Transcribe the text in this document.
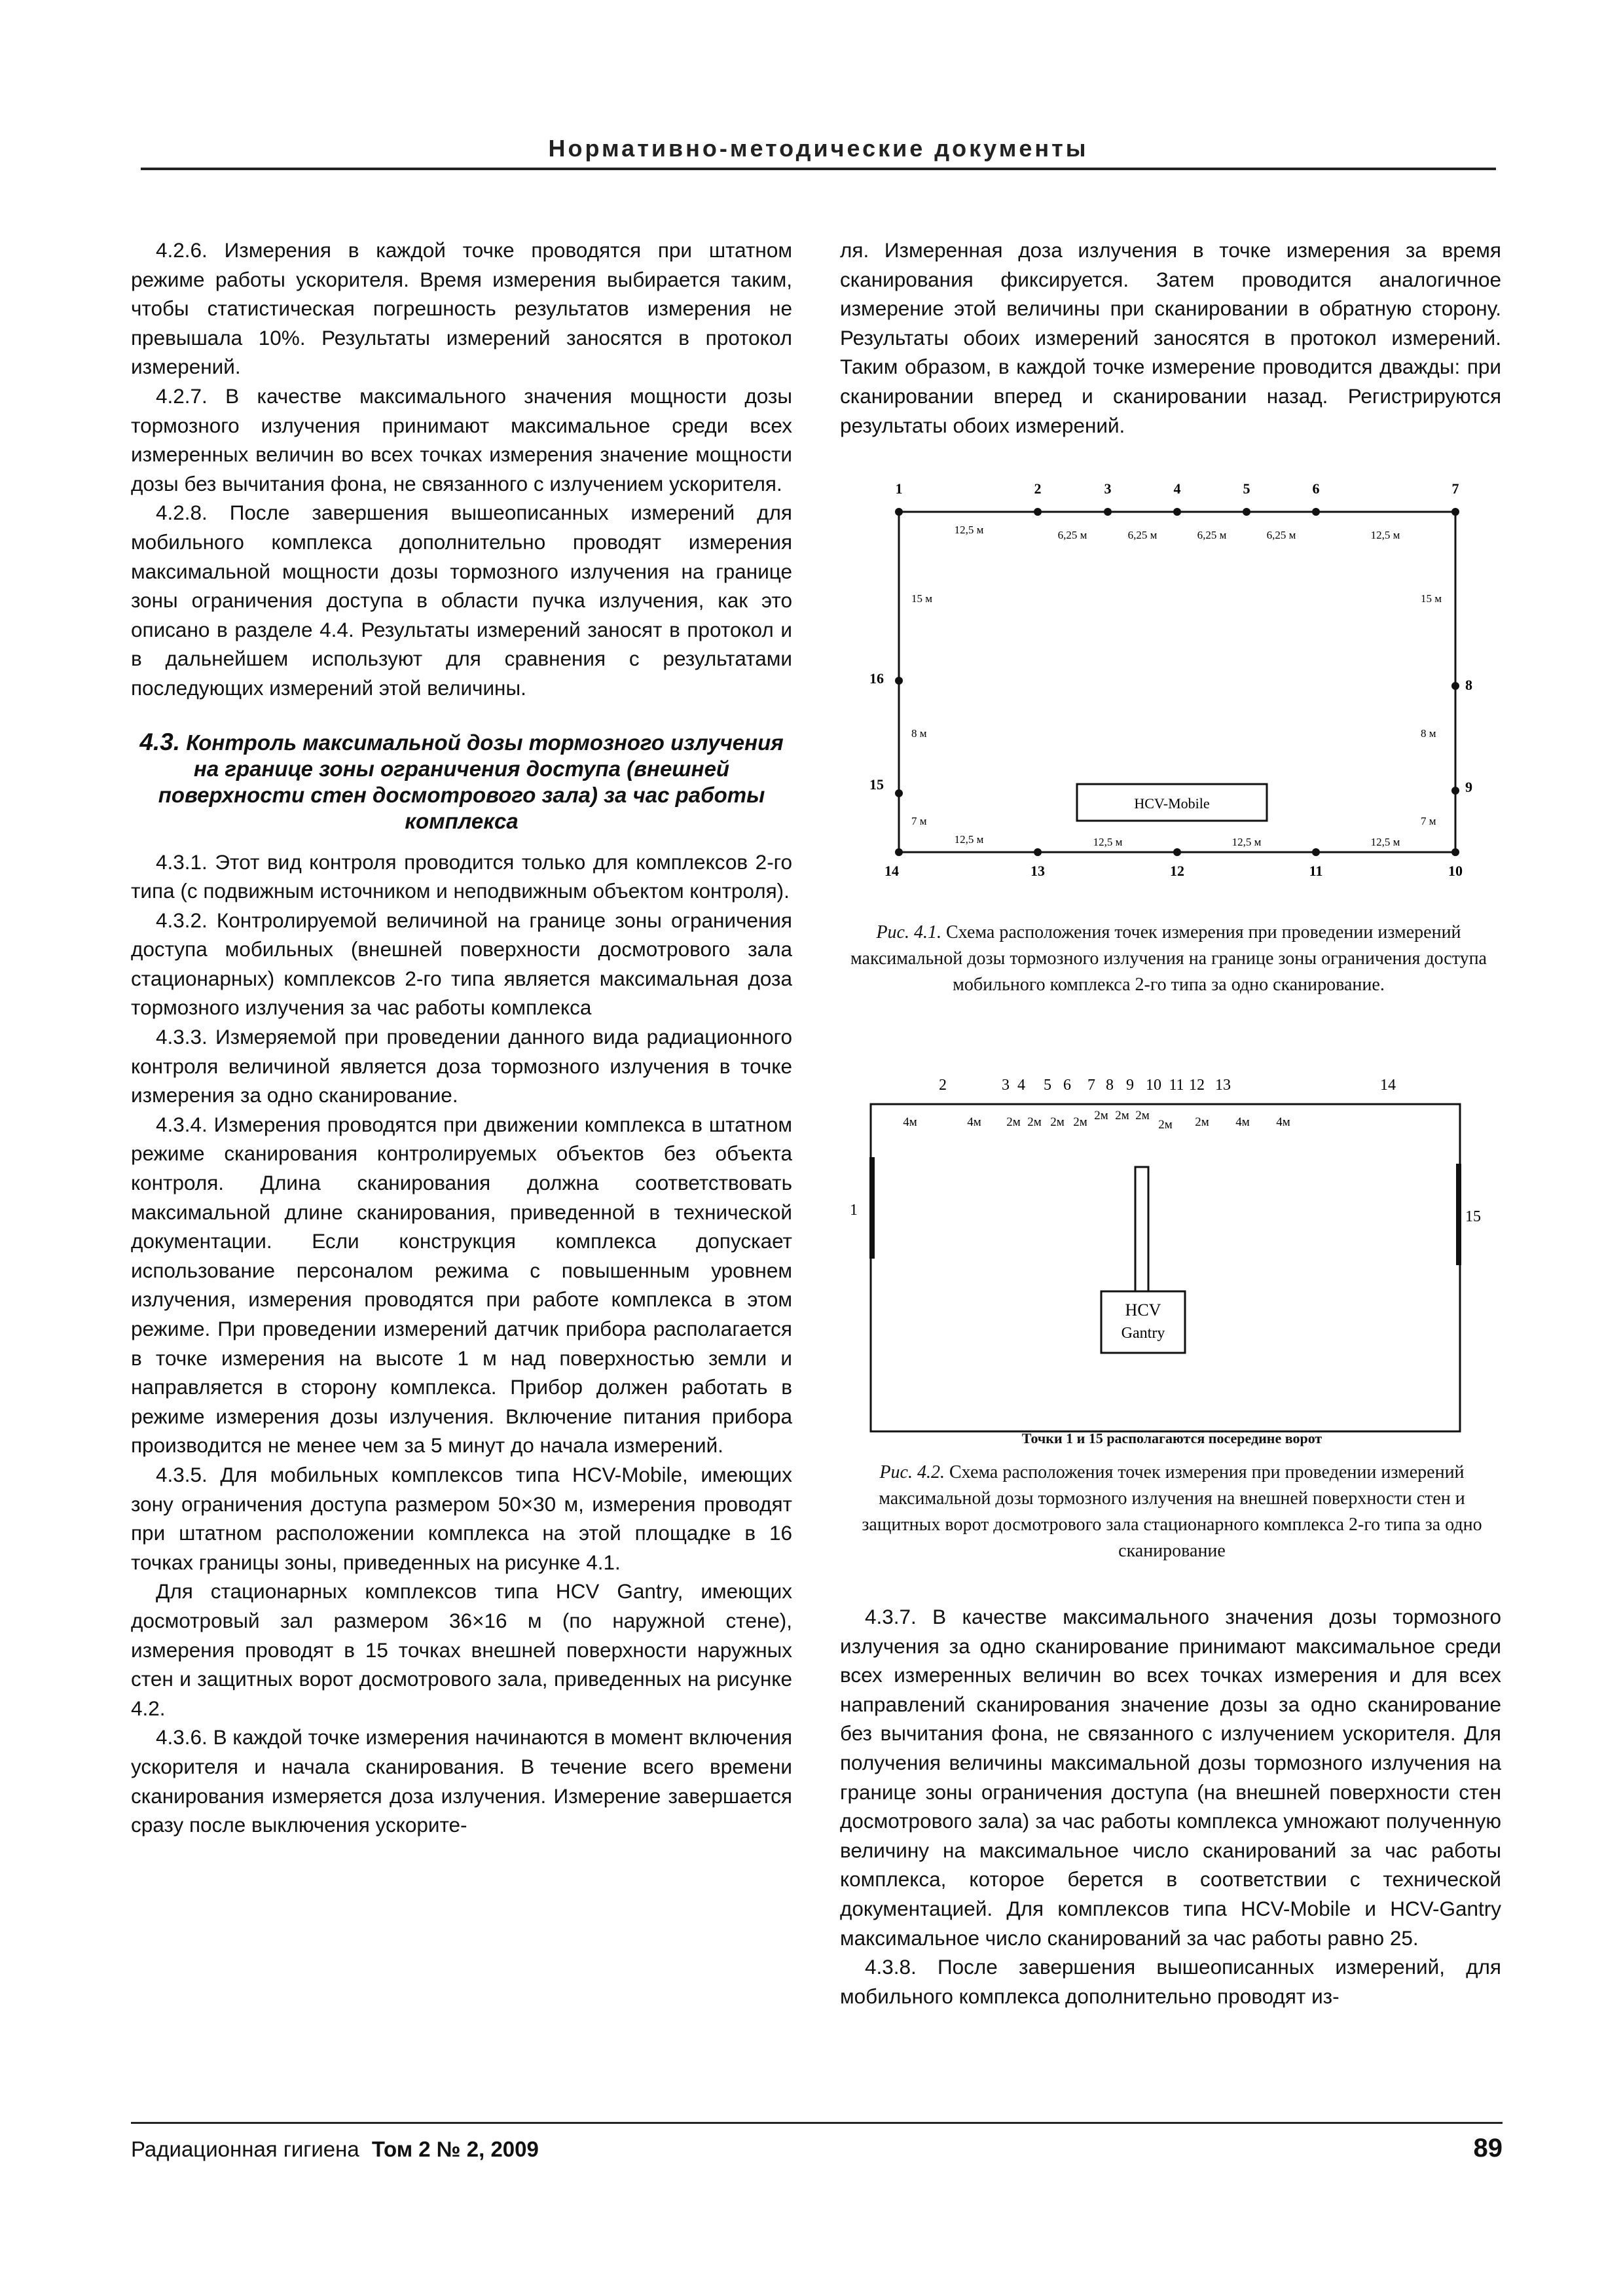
Нормативно-методические документы

4.2.6. Измерения в каждой точке проводятся при штатном режиме работы ускорителя. Время измерения выбирается таким, чтобы статистическая погрешность результатов измерения не превышала 10%. Результаты измерений заносятся в протокол измерений.

4.2.7. В качестве максимального значения мощности дозы тормозного излучения принимают максимальное среди всех измеренных величин во всех точках измерения значение мощности дозы без вычитания фона, не связанного с излучением ускорителя.

4.2.8. После завершения вышеописанных измерений для мобильного комплекса дополнительно проводят измерения максимальной мощности дозы тормозного излучения на границе зоны ограничения доступа в области пучка излучения, как это описано в разделе 4.4. Результаты измерений заносят в протокол и в дальнейшем используют для сравнения с результатами последующих измерений этой величины.

4.3. Контроль максимальной дозы тормозного излучения на границе зоны ограничения доступа (внешней поверхности стен досмотрового зала) за час работы комплекса

4.3.1. Этот вид контроля проводится только для комплексов 2-го типа (с подвижным источником и неподвижным объектом контроля).

4.3.2. Контролируемой величиной на границе зоны ограничения доступа мобильных (внешней поверхности досмотрового зала стационарных) комплексов 2-го типа является максимальная доза тормозного излучения за час работы комплекса

4.3.3. Измеряемой при проведении данного вида радиационного контроля величиной является доза тормозного излучения в точке измерения за одно сканирование.

4.3.4. Измерения проводятся при движении комплекса в штатном режиме сканирования контролируемых объектов без объекта контроля. Длина сканирования должна соответствовать максимальной длине сканирования, приведенной в технической документации. Если конструкция комплекса допускает использование персоналом режима с повышенным уровнем излучения, измерения проводятся при работе комплекса в этом режиме. При проведении измерений датчик прибора располагается в точке измерения на высоте 1 м над поверхностью земли и направляется в сторону комплекса. Прибор должен работать в режиме измерения дозы излучения. Включение питания прибора производится не менее чем за 5 минут до начала измерений.

4.3.5. Для мобильных комплексов типа HCV-Mobile, имеющих зону ограничения доступа размером 50×30 м, измерения проводят при штатном расположении комплекса на этой площадке в 16 точках границы зоны, приведенных на рисунке 4.1.

Для стационарных комплексов типа HCV Gantry, имеющих досмотровый зал размером 36×16 м (по наружной стене), измерения проводят в 15 точках внешней поверхности наружных стен и защитных ворот досмотрового зала, приведенных на рисунке 4.2.

4.3.6. В каждой точке измерения начинаются в момент включения ускорителя и начала сканирования. В течение всего времени сканирования измеряется доза излучения. Измерение завершается сразу после выключения ускорите-

ля. Измеренная доза излучения в точке измерения за время сканирования фиксируется. Затем проводится аналогичное измерение этой величины при сканировании в обратную сторону. Результаты обоих измерений заносятся в протокол измерений. Таким образом, в каждой точке измерение проводится дважды: при сканировании вперед и сканировании назад. Регистрируются результаты обоих измерений.

1	2	3	4	5	6	7
12,5 м	6,25 м	6,25 м	6,25 м	6,25 м	12,5 м
12,5 м	12,5 м	12,5 м	12,5 м
15 м
8 м
7 м
15 м
8 м
7 м
16
15
8
9
14	13	12	11	10
HCV-Mobile
Рис. 4.1. Схема расположения точек измерения при проведении измерений максимальной дозы тормозного излучения на границе зоны ограничения доступа мобильного комплекса 2-го типа за одно сканирование.
2	3 4 5 6 7 8 9 10 11 12 13	14
4м	4м 2м 2м 2м 2м 2м 2м 2м
2м 2м 4м 4м
1	15
HCV
Gantry
Точки 1 и 15 располагаются посередине ворот
Рис. 4.2. Схема расположения точек измерения при проведении измерений максимальной дозы тормозного излучения на внешней поверхности стен и защитных ворот досмотрового зала стационарного комплекса 2-го типа за одно сканирование

4.3.7. В качестве максимального значения дозы тормозного излучения за одно сканирование принимают максимальное среди всех измеренных величин во всех точках измерения и для всех направлений сканирования значение дозы за одно сканирование без вычитания фона, не связанного с излучением ускорителя. Для получения величины максимальной дозы тормозного излучения на границе зоны ограничения доступа (на внешней поверхности стен досмотрового зала) за час работы комплекса умножают полученную величину на максимальное число сканирований за час работы комплекса, которое берется в соответствии с технической документацией. Для комплексов типа HCV-Mobile и HCV-Gantry максимальное число сканирований за час работы равно 25.

4.3.8. После завершения вышеописанных измерений, для мобильного комплекса дополнительно проводят из-

Радиационная гигиена Том 2 № 2, 2009	89
